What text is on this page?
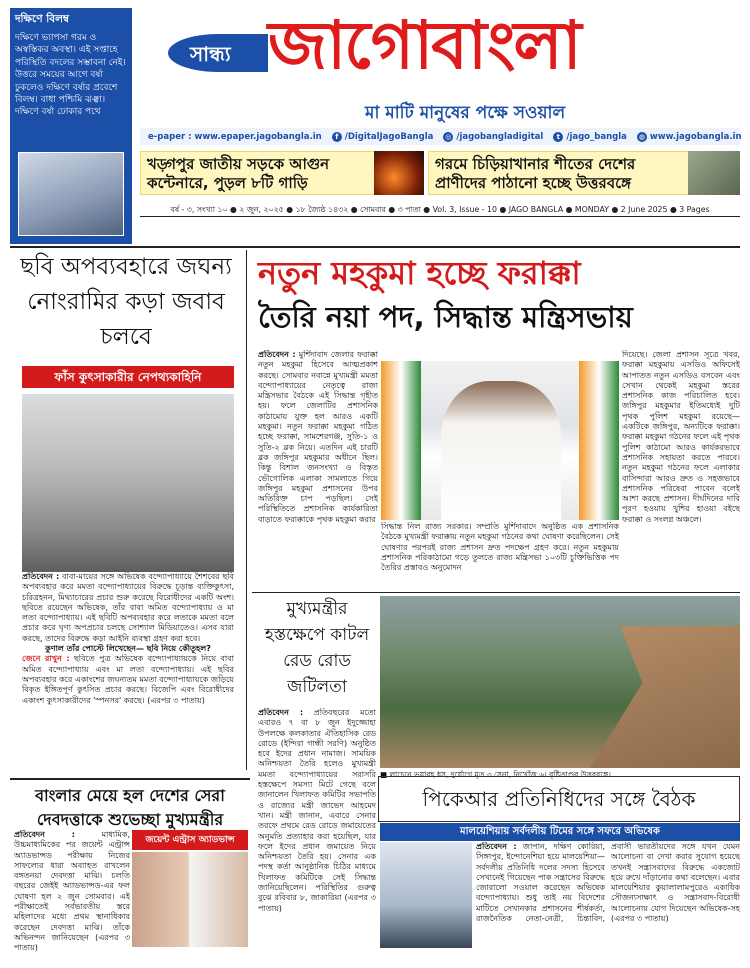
দক্ষিণে বিলম্ব
দক্ষিণে ভ্যাপসা গরম ও অস্বস্তিকর অবস্থা। এই সপ্তাহে পরিস্থিতি বদলের সম্ভাবনা নেই। উত্তরে সময়ের আগে বর্ষা ঢুকলেও দক্ষিণে বর্ষার প্রবেশে বিলম্ব। বাধা পশ্চিমি ঝঞ্ঝা। দক্ষিণে বর্ষা ঢোকার পথে
সান্ধ্য জাগোবাংলা
মা মাটি মানুষের পক্ষে সওয়াল
e-paper : www.epaper.jagobangla.in	f /DigitalJagoBangla ◎ /jagobangladigital	t /jago_bangla ◍ www.jagobangla.in
খড়্গপুর জাতীয় সড়কে আগুন কন্টেনারে, পুড়ল ৮টি গাড়ি
গরমে চিড়িয়াখানার শীতের দেশের প্রাণীদের পাঠানো হচ্ছে উত্তরবঙ্গে
বর্ষ - ৩, সংখ্যা ১০ ● ২ জুন, ২০২৫ ● ১৮ জ্যৈষ্ঠ ১৪৩২ ● সোমবার ● ৩ পাতা ● Vol. 3, Issue - 10 ● JAGO BANGLA ● MONDAY ● 2 June 2025 ● 3 Pages
ছবি অপব্যবহারে জঘন্য নোংরামির কড়া জবাব চলবে
ফাঁস কুৎসাকারীর নেপথ্যকাহিনি

প্রতিবেদন : বাবা-মায়ের সঙ্গে অভিষেক বন্দ্যোপাধ্যায়ে শৈশবের ছবি অপব্যবহার করে মমতা বন্দ্যোপাধ্যায়ের বিরুদ্ধে চূড়ান্ত ব্যক্তিকুৎসা, চরিত্রহনন, মিথ্যাচারের প্রচার শুরু করেছে বিরোধীদের একটি অংশ। ছবিতে রয়েছেন অভিষেক, তাঁর বাবা অমিত বন্দ্যোপাধ্যায় ও মা লতা বন্দ্যোপাধ্যায়। এই ছবিটি অপব্যবহার করে লতাকে মমতা বলে প্রচার করে ঘৃণ্য অপপ্রচার চলছে সোশ্যাল মিডিয়াতেও। এসব যারা করছে, তাদের বিরুদ্ধে কড়া আইনি ব্যবস্থা গ্রহণ করা হবে।

কুণাল তাঁর পোস্টে লিখেছেন— ছবি নিয়ে কৌতূহল?

জেনে রাখুন : ছবিতে পুত্র অভিষেক বন্দ্যোপাধ্যায়কে নিয়ে বাবা অমিত বন্দ্যোপাধ্যায় এবং মা লতা বন্দ্যোপাধ্যায়। এই ছবির অপব্যবহার করে একাংশের জঘন্যতম মমতা বন্দ্যোপাধ্যায়কে জড়িয়ে বিকৃত ইঙ্গিতপূর্ণ কুৎসিত প্রচার করছে। বিজেপি এবং বিরোধীদের একাংশ কুৎসাকারীদের 'স্পনসর' করছে। (এরপর ৩ পাতায়)

নতুন মহকুমা হচ্ছে ফরাক্কা
তৈরি নয়া পদ, সিদ্ধান্ত মন্ত্রিসভায়

প্রতিবেদন : মুর্শিদাবাদ জেলার ফরাক্কা নতুন মহকুমা হিসেবে আত্মপ্রকাশ করছে। সোমবার নবান্নে মুখ্যমন্ত্রী মমতা বন্দ্যোপাধ্যায়ের নেতৃত্বে রাজ্য মন্ত্রিসভার বৈঠকে এই সিদ্ধান্ত গৃহীত হয়। ফলে জেলাটির প্রশাসনিক কাঠামোয় যুক্ত হল আরও একটি মহকুমা। নতুন ফরাক্কা মহকুমা গঠিত হচ্ছে ফরাক্কা, সামশেরগঞ্জ, সুতি-১ ও সুতি-২ ব্লক নিয়ে। এতদিন এই চারটি ব্লক জঙ্গিপুর মহকুমার অধীনে ছিল। কিন্তু বিশাল জনসংখ্যা ও বিস্তৃত ভৌগোলিক এলাকা সামলাতে গিয়ে জঙ্গিপুর মহকুমা প্রশাসনের উপর অতিরিক্ত চাপ পড়ছিল। সেই পরিস্থিতিতে প্রশাসনিক কার্যকারিতা বাড়াতে ফরাক্কাকে পৃথক মহকুমা করার

সিদ্ধান্ত নিল রাজ্য সরকার। সম্প্রতি মুর্শিদাবাদে অনুষ্ঠিত এক প্রশাসনিক বৈঠকে মুখ্যমন্ত্রী ফরাক্কায় নতুন মহকুমা গঠনের কথা ঘোষণা করেছিলেন। সেই ঘোষণার পরপরই রাজ্য প্রশাসন দ্রুত পদক্ষেপ গ্রহণ করে। নতুন মহকুমায় প্রশাসনিক পরিকাঠামো গড়ে তুলতে রাজ্য মন্ত্রিসভা ১০৩টি চুক্তিভিত্তিক পদ তৈরির প্রস্তাবও অনুমোদন

দিয়েছে। জেলা প্রশাসন সূত্রে খবর, ফরাক্কা মহকুমায় এসডিও অফিসেই আপাতত নতুন এসডিও বসবেন এবং সেখান থেকেই মহকুমা স্তরের প্রশাসনিক কাজ পরিচালিত হবে। জঙ্গিপুর মহকুমার ইতিমধ্যেই দুটি পৃথক পুলিশ মহকুমা রয়েছে— একটিকে জঙ্গিপুর, অন্যটিকে ফরাক্কা। ফরাক্কা মহকুমা গঠনের ফলে এই পৃথক পুলিশ কাঠামো আরও কার্যকরভাবে প্রশাসনিক সহায়তা করতে পারবে। নতুন মহকুমা গঠনের ফলে এলাকার বাসিন্দারা আরও দ্রুত ও সহজভাবে প্রশাসনিক পরিষেবা পাবেন বলেই আশা করছে প্রশাসন। দীর্ঘদিনের দাবি পূরণ হওয়ায় খুশির হাওয়া বইছে ফরাক্কা ও সংলগ্ন অঞ্চলে।

মুখ্যমন্ত্রীর হস্তক্ষেপে কাটল রেড রোড জটিলতা

প্রতিবেদন : প্রতিবছরের মতো এবারও ৭ বা ৮ জুন ইদুজ্জোহা উপলক্ষে কলকাতার ঐতিহাসিক রেড রোডে (ইন্দিরা গান্ধী সরণি) অনুষ্ঠিত হবে ইদের প্রধান নামাজ। সাময়িক অনিশ্চয়তা তৈরি হলেও মুখ্যমন্ত্রী মমতা বন্দ্যোপাধ্যায়ের সরাসরি হস্তক্ষেপে সমস্যা মিটে গেছে বলে জানালেন খিলাফত কমিটির সভাপতি ও রাজ্যের মন্ত্রী জাভেদ আহমেদ খান। মন্ত্রী জানান, এবারে সেনার তরফে প্রথমে রেড রোডে জমায়েতের অনুমতি প্রত্যাহার করা হয়েছিল, যার ফলে ইদের প্রধান জমায়েত নিয়ে অনিশ্চয়তা তৈরি হয়। সেনার এক পদস্থ কর্তা আনুষ্ঠানিক চিঠির মাধ্যমে খিলাফত কমিটিকে সেই সিদ্ধান্ত জানিয়েছিলেন। পরিস্থিতির গুরুত্ব বুঝে রবিবার ৮, জাকারিয়া (এরপর ৩ পাতায়)

■ লাচেনে ভয়াবহ ধস, দুর্যোগে মৃত ৩ সেনা, নিখোঁজ ৬। বৃষ্টিতাণ্ডব উত্তরবঙ্গে।
বাংলার মেয়ে হল দেশের সেরা দেবদত্তাকে শুভেচ্ছা মুখ্যমন্ত্রীর

প্রতিবেদন :	মাধ্যমিক, উচ্চমাধ্যমিকের পর জয়েন্ট এন্ট্রান্স অ্যাডভান্সড পরীক্ষায় নিজের সাফল্যের ধারা অব্যাহত রাখলেন বঙ্গতনয়া দেবদত্তা মাঝি। চলতি বছরের জেইই অ্যাডভান্সড-এর ফল ঘোষণা হল ২ জুন সোমবার। এই পরীক্ষাতেই সর্বভারতীয় স্তরে মহিলাদের মধ্যে প্রথম স্থানাধিকার করেছেন দেবদত্তা মাঝি। তাঁকে অভিনন্দন জানিয়েছেন (এরপর ৩ পাতায়)

জয়েন্ট এন্ট্রাস অ্যাডভান্স
পিকেআর প্রতিনিধিদের সঙ্গে বৈঠক
মালয়েশিয়ায় সর্বদলীয় টিমের সঙ্গে সফরে অভিষেক

প্রতিবেদন : জাপান, দক্ষিণ কোরিয়া, সিঙ্গাপুর, ইন্দোনেশিয়া হয়ে মালয়েশিয়া— সর্বদলীয় প্রতিনিধি দলের সদস্য হিসেবে সেখানেই গিয়েছেন পাক সন্ত্রাসের বিরুদ্ধে জোরালো সওয়াল করেছেন অভিষেক বন্দ্যোপাধ্যায়। শুধু তাই নয় বিদেশের মাটিতে সেখানকার প্রশাসনের শীর্ষকর্তা, রাজনৈতিক নেতা-নেত্রী, চিন্তাবিদ, প্রবাসী ভারতীয়দের সঙ্গে যখন যেমন আলোচনা বা দেখা করার সুযোগ হয়েছে তখনই সন্ত্রাসবাদের বিরুদ্ধে একজোট হয়ে রুখে দাঁড়ানোর কথা বলেছেন। এবার মালয়েশিয়ার কুয়ালালামপুরেও একাধিক সৌজন্যসাক্ষাৎ ও সন্ত্রাসবাদ-বিরোধী আলোচনায় যোগ দিয়েছেন অভিষেক-সহ (এরপর ৩ পাতায়)
